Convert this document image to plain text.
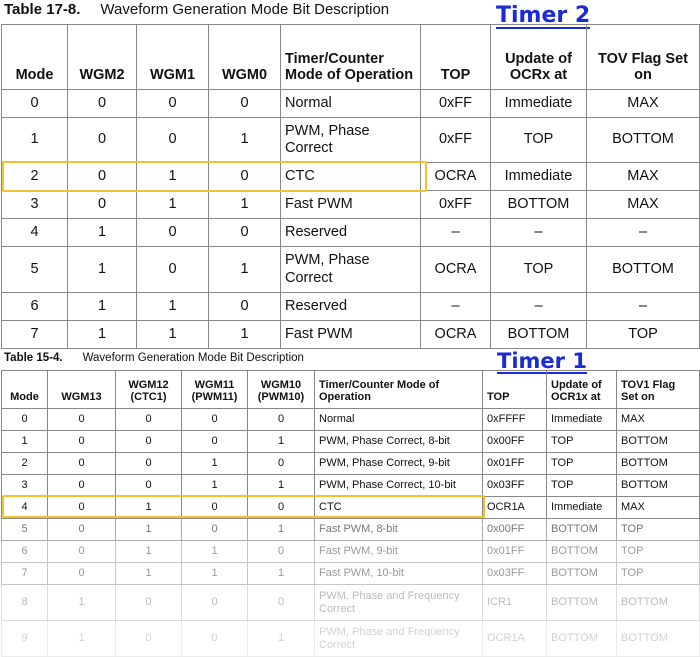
Table 17-8. Waveform Generation Mode Bit Description	Timer 2
Mode	WGM2	WGM1	WGM0	Timer/Counter Mode of Operation	TOP	Update of OCRx at	TOV Flag Set on
0	0	0	0	Normal	0xFF	Immediate	MAX
1	0	0	1	PWM, Phase Correct	0xFF	TOP	BOTTOM
2	0	1	0	CTC	OCRA	Immediate	MAX
3	0	1	1	Fast PWM	0xFF	BOTTOM	MAX
4	1	0	0	Reserved	–	–	–
5	1	0	1	PWM, Phase Correct	OCRA	TOP	BOTTOM
6	1	1	0	Reserved	–	–	–
7	1	1	1	Fast PWM	OCRA	BOTTOM	TOP
Table 15-4. Waveform Generation Mode Bit Description	Timer 1
Mode	WGM13	WGM12 (CTC1)	WGM11 (PWM11)	WGM10 (PWM10)	Timer/Counter Mode of Operation	TOP	Update of OCR1x at	TOV1 Flag Set on
0	0	0	0	0	Normal	0xFFFF	Immediate	MAX
1	0	0	0	1	PWM, Phase Correct, 8-bit	0x00FF	TOP	BOTTOM
2	0	0	1	0	PWM, Phase Correct, 9-bit	0x01FF	TOP	BOTTOM
3	0	0	1	1	PWM, Phase Correct, 10-bit	0x03FF	TOP	BOTTOM
4	0	1	0	0	CTC	OCR1A	Immediate	MAX
5	0	1	0	1	Fast PWM, 8-bit	0x00FF	BOTTOM	TOP
6	0	1	1	0	Fast PWM, 9-bit	0x01FF	BOTTOM	TOP
7	0	1	1	1	Fast PWM, 10-bit	0x03FF	BOTTOM	TOP
8	1	0	0	0	PWM, Phase and Frequency Correct	ICR1	BOTTOM	BOTTOM
9	1	0	0	1	PWM, Phase and Frequency Correct	OCR1A	BOTTOM	BOTTOM
